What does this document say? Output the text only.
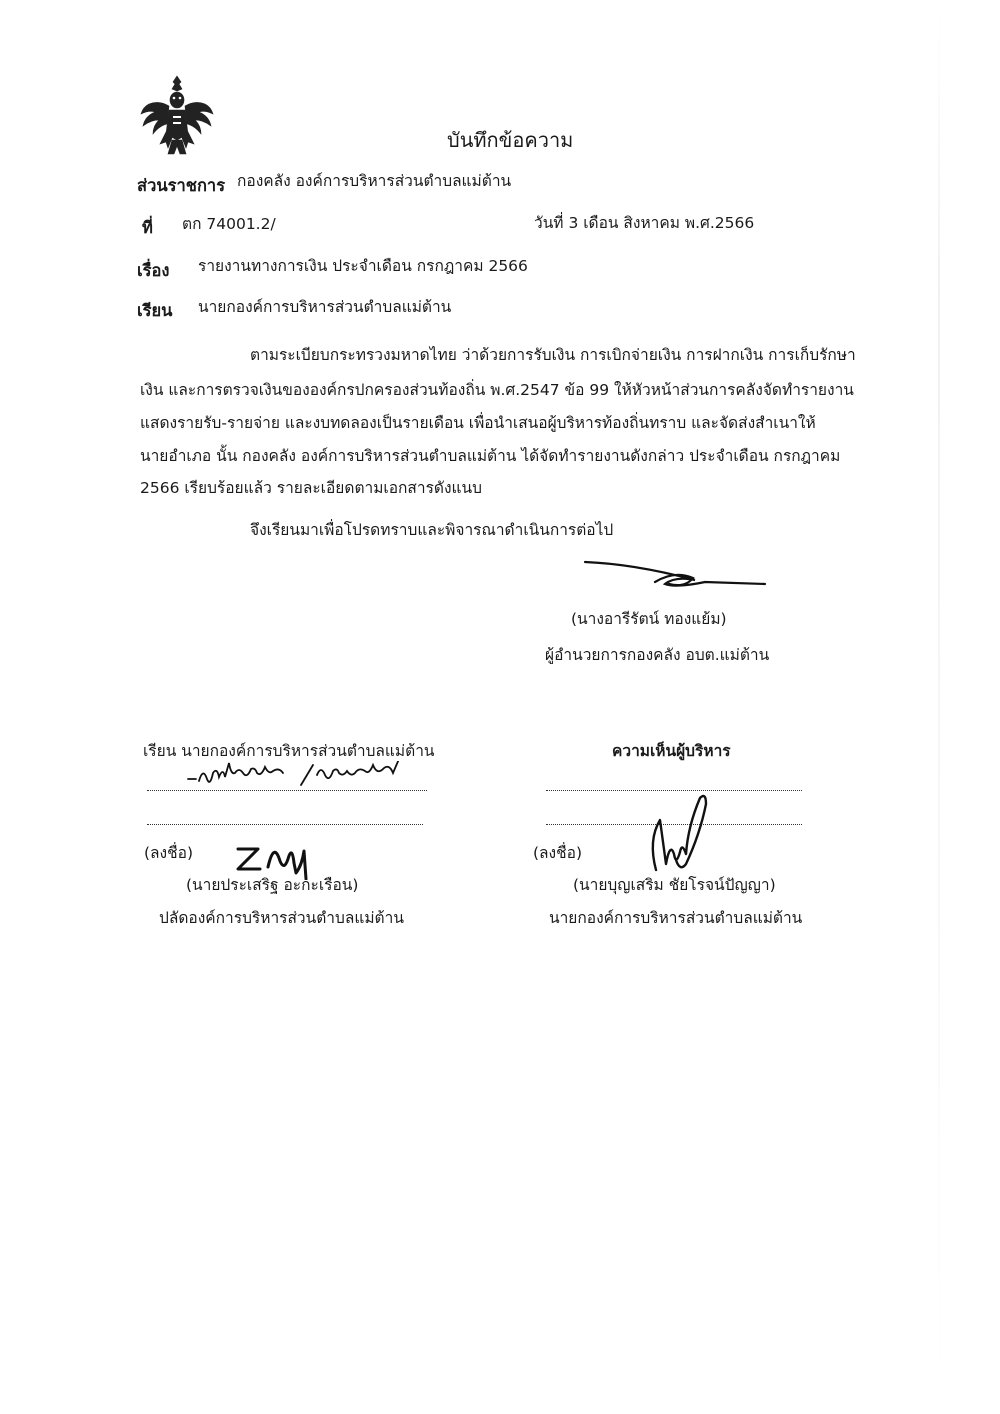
บันทึกข้อความ
ส่วนราชการ กองคลัง องค์การบริหารส่วนตำบลแม่ต้าน
ที่ ตก 74001.2/	วันที่ 3 เดือน สิงหาคม พ.ศ.2566
เรื่อง รายงานทางการเงิน ประจำเดือน กรกฎาคม 2566
เรียน นายกองค์การบริหารส่วนตำบลแม่ต้าน
ตามระเบียบกระทรวงมหาดไทย ว่าด้วยการรับเงิน การเบิกจ่ายเงิน การฝากเงิน การเก็บรักษา
เงิน และการตรวจเงินขององค์กรปกครองส่วนท้องถิ่น พ.ศ.2547 ข้อ 99 ให้หัวหน้าส่วนการคลังจัดทำรายงาน
แสดงรายรับ-รายจ่าย และงบทดลองเป็นรายเดือน เพื่อนำเสนอผู้บริหารท้องถิ่นทราบ และจัดส่งสำเนาให้
นายอำเภอ นั้น กองคลัง องค์การบริหารส่วนตำบลแม่ต้าน ได้จัดทำรายงานดังกล่าว ประจำเดือน กรกฎาคม
2566 เรียบร้อยแล้ว รายละเอียดตามเอกสารดังแนบ
จึงเรียนมาเพื่อโปรดทราบและพิจารณาดำเนินการต่อไป
(นางอารีรัตน์ ทองแย้ม)
ผู้อำนวยการกองคลัง อบต.แม่ต้าน
เรียน นายกองค์การบริหารส่วนตำบลแม่ต้าน
(ลงชื่อ)
(นายประเสริฐ อะกะเรือน)
ปลัดองค์การบริหารส่วนตำบลแม่ต้าน
ความเห็นผู้บริหาร
(ลงชื่อ)
(นายบุญเสริม ชัยโรจน์ปัญญา)
นายกองค์การบริหารส่วนตำบลแม่ต้าน
